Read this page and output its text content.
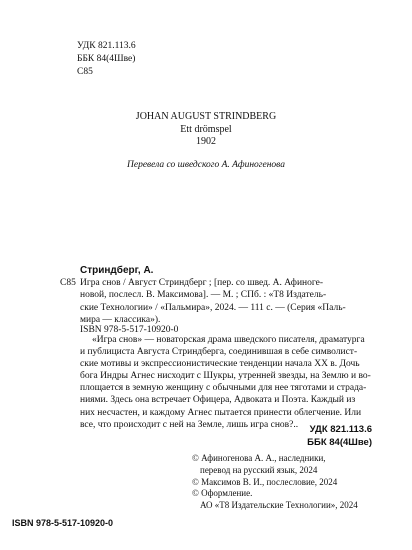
УДК 821.113.6
ББК 84(4Шве)
С85
JOHAN AUGUST STRINDBERG
Ett drömspel
1902
Перевела со шведского А. Афиногенова
Стриндберг, А.
С85 Игра снов / Август Стриндберг ; [пер. со швед. А. Афиноге-
новой, послесл. В. Максимова]. — М. ; СПб. : «Т8 Издатель-
ские Технологии» / «Пальмира», 2024. — 111 с. — (Серия «Паль-
мира — классика»).
ISBN 978-5-517-10920-0
«Игра снов» — новаторская драма шведского писателя, драматурга
и публициста Августа Стриндберга, соединившая в себе символист-
ские мотивы и экспрессионистические тенденции начала XX в. Дочь
бога Индры Агнес нисходит с Шукры, утренней звезды, на Землю и во-
площается в земную женщину с обычными для нее тяготами и страда-
ниями. Здесь она встречает Офицера, Адвоката и Поэта. Каждый из
них несчастен, и каждому Агнес пытается принести облегчение. Или
все, что происходит с ней на Земле, лишь игра снов?..	УДК 821.113.6
ББК 84(4Шве)
© Афиногенова А. А., наследники,
перевод на русский язык, 2024
© Максимов В. И., послесловие, 2024
© Оформление.
АО «Т8 Издательские Технологии», 2024
ISBN 978-5-517-10920-0
